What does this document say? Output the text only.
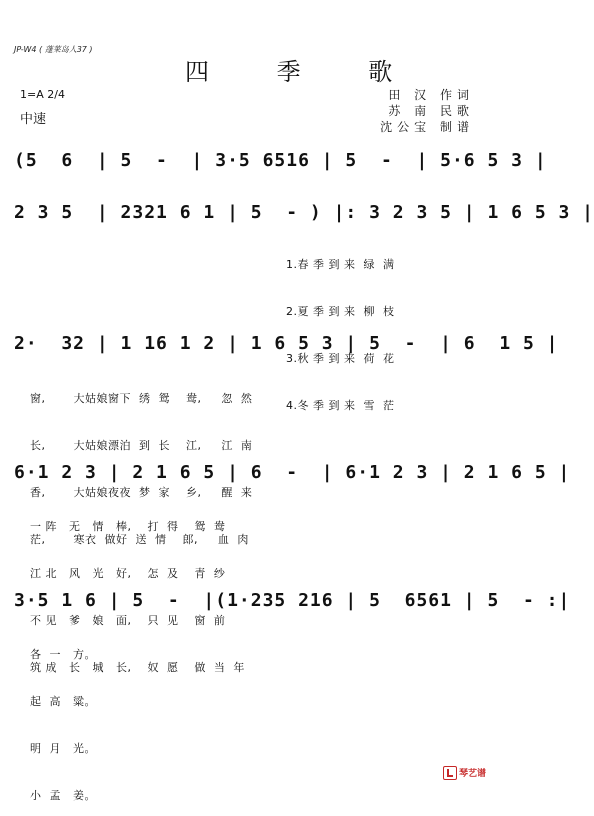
JP-W4 ( 蓬莱岛人37 )
四 季 歌
1=A 2/4
中速
田 汉 作词
苏 南 民歌
沈公宝 制谱
(5  6  | 5  -  | 3·5 6516 | 5  -  | 5·6 5 3 |
2 3 5  | 2321 6 1 | 5  - ) |: 3 2 3 5 | 1 6 5 3 |

1.春 季 到 来  绿  满

2.夏 季 到 来  柳  枝

3.秋 季 到 来  荷  花

4.冬 季 到 来  雪  茫

2·  32 | 1 16 1 2 | 1 6 5 3 | 5  -  | 6  1 5 |

窗,       大姑娘窗下  绣  鸳    鸯,     忽  然

长,       大姑娘漂泊  到  长    江,     江  南

香,       大姑娘夜夜  梦  家    乡,     醒  来

茫,       寒衣  做好  送  情    郎,     血  肉

6·1 2 3 | 2 1 6 5 | 6  -  | 6·1 2 3 | 2 1 6 5 |

一 阵   无   情   棒,    打  得    鸳  鸯

江 北   风   光   好,    怎  及    青  纱

不 见   爹   娘   面,    只  见    窗  前

筑 成   长   城   长,    奴  愿    做  当  年

3·5 1 6 | 5  -  |(1·235 216 | 5  6561 | 5  - :|

各  一   方。

起  高   粱。

明  月   光。

小  孟   姜。

琴艺谱
